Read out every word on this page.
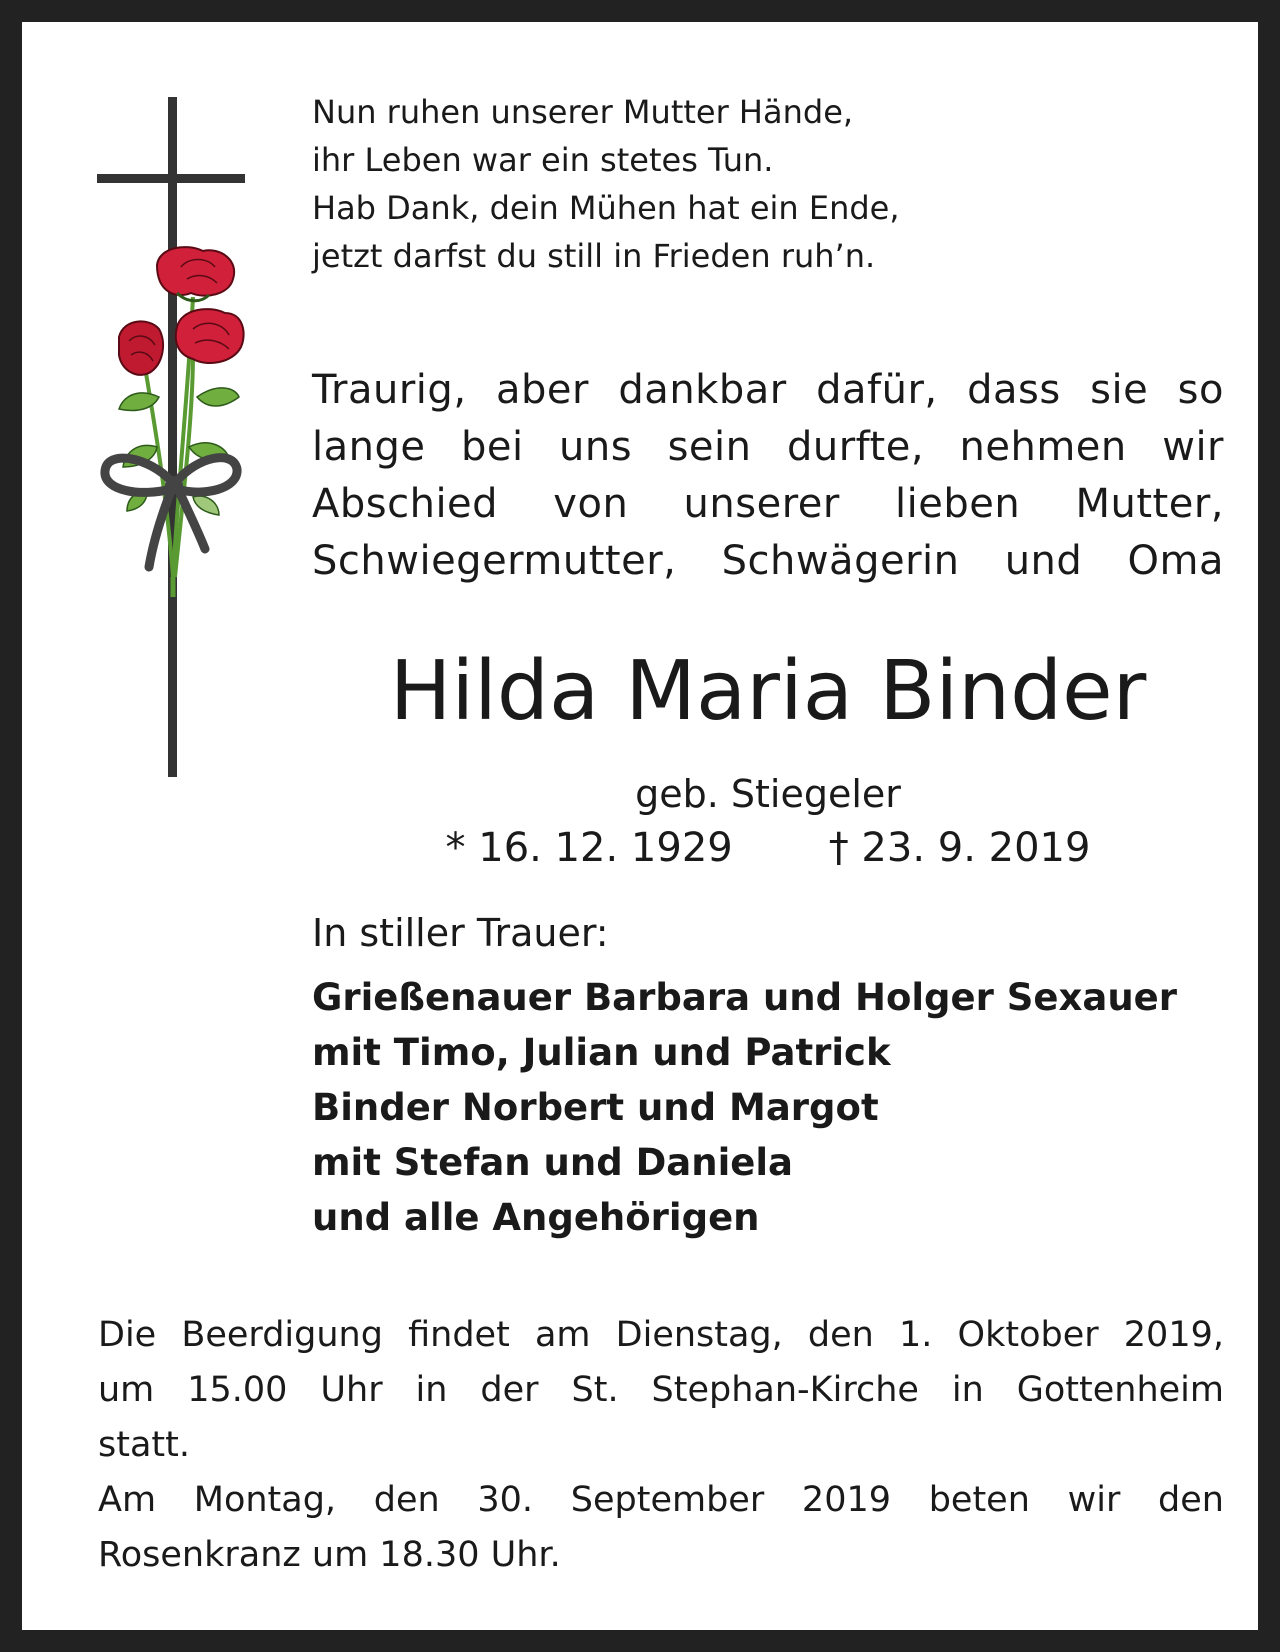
Nun ruhen unserer Mutter Hände,
ihr Leben war ein stetes Tun.
Hab Dank, dein Mühen hat ein Ende,
jetzt darfst du still in Frieden ruh’n.
Traurig, aber dankbar dafür, dass sie so
lange bei uns sein durfte, nehmen wir
Abschied von unserer lieben Mutter,
Schwiegermutter, Schwägerin und Oma
Hilda Maria Binder
geb. Stiegeler
* 16. 12. 1929 † 23. 9. 2019
In stiller Trauer:
Grießenauer Barbara und Holger Sexauer
mit Timo, Julian und Patrick
Binder Norbert und Margot
mit Stefan und Daniela
und alle Angehörigen
Die Beerdigung findet am Dienstag, den 1. Oktober 2019,
um 15.00 Uhr in der St. Stephan-Kirche in Gottenheim
statt.
Am Montag, den 30. September 2019 beten wir den
Rosenkranz um 18.30 Uhr.
